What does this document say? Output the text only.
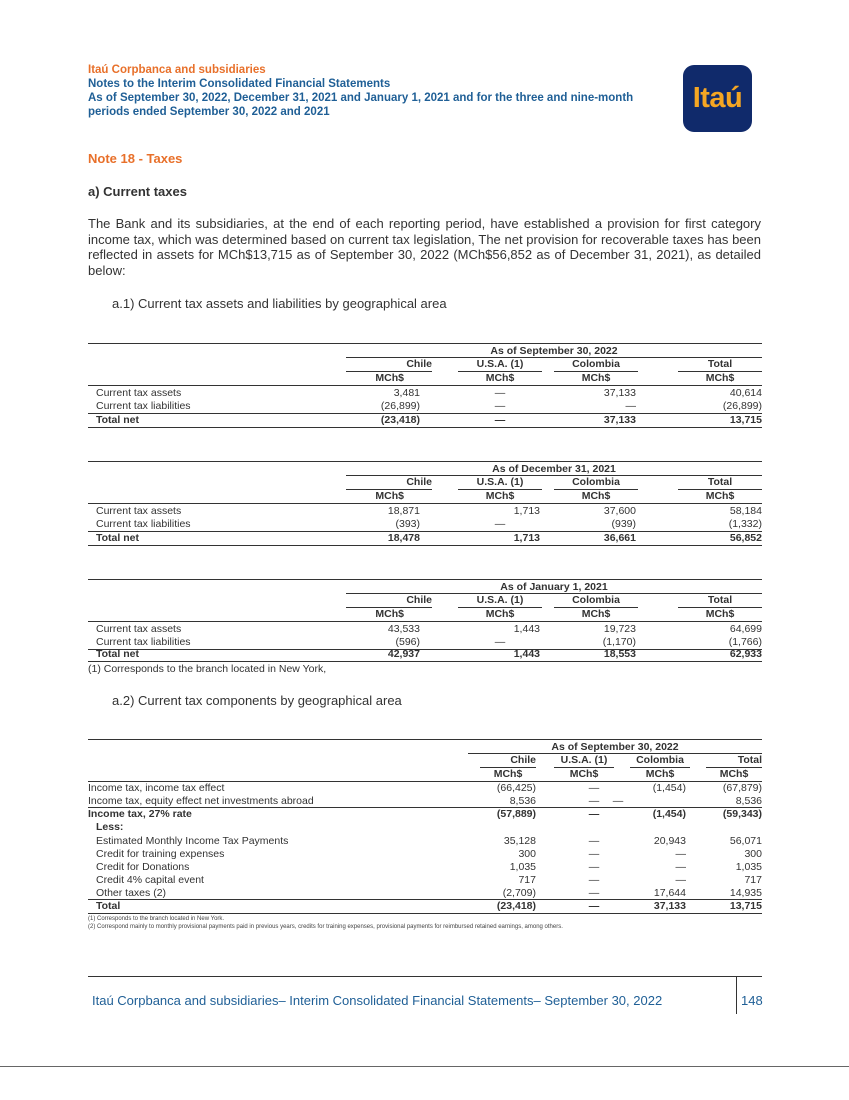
Itaú Corpbanca and subsidiaries
Notes to the Interim Consolidated Financial Statements
As of September 30, 2022, December 31, 2021 and January 1, 2021 and for the three and nine-month periods ended September 30, 2022 and 2021	Itaú
Note 18 - Taxes
a) Current taxes
The Bank and its subsidiaries, at the end of each reporting period, have established a provision for first category income tax, which was determined based on current tax legislation, The net provision for recoverable taxes has been reflected in assets for MCh$13,715 as of September 30, 2022 (MCh$56,852 as of December 31, 2021), as detailed below:
a.1) Current tax assets and liabilities by geographical area
As of September 30, 2022
Chile	U.S.A. (1)	Colombia	Total
MCh$	MCh$	MCh$	MCh$
Current tax assets	3,481	—	37,133	40,614
Current tax liabilities	(26,899)	—	—	(26,899)
Total net	(23,418)	—	37,133	13,715
As of December 31, 2021
Chile	U.S.A. (1)	Colombia	Total
MCh$	MCh$	MCh$	MCh$
Current tax assets	18,871	1,713	37,600	58,184
Current tax liabilities	(393)	—	(939)	(1,332)
Total net	18,478	1,713	36,661	56,852
As of January 1, 2021
Chile	U.S.A. (1)	Colombia	Total
MCh$	MCh$	MCh$	MCh$
Current tax assets	43,533	1,443	19,723	64,699
Current tax liabilities	(596)	—	(1,170)	(1,766)
Total net	42,937	1,443	18,553	62,933
(1) Corresponds to the branch located in New York,
a.2) Current tax components by geographical area
As of September 30, 2022
Chile	U.S.A. (1)	Colombia	Total
MCh$	MCh$	MCh$	MCh$
Income tax, income tax effect	(66,425)	—	(1,454)	(67,879)
Income tax, equity effect net investments abroad	8,536	—	—	8,536
Income tax, 27% rate	(57,889)	—	(1,454)	(59,343)
Less:
Estimated Monthly Income Tax Payments	35,128	—	20,943	56,071
Credit for training expenses	300	—	—	300
Credit for Donations	1,035	—	—	1,035
Credit 4% capital event	717	—	—	717
Other taxes (2)	(2,709)	—	17,644	14,935
Total	(23,418)	—	37,133	13,715
(1) Corresponds to the branch located in New York.
(2) Correspond mainly to monthly provisional payments paid in previous years, credits for training expenses, provisional payments for reimbursed retained earnings, among others.
Itaú Corpbanca and subsidiaries– Interim Consolidated Financial Statements– September 30, 2022	148
